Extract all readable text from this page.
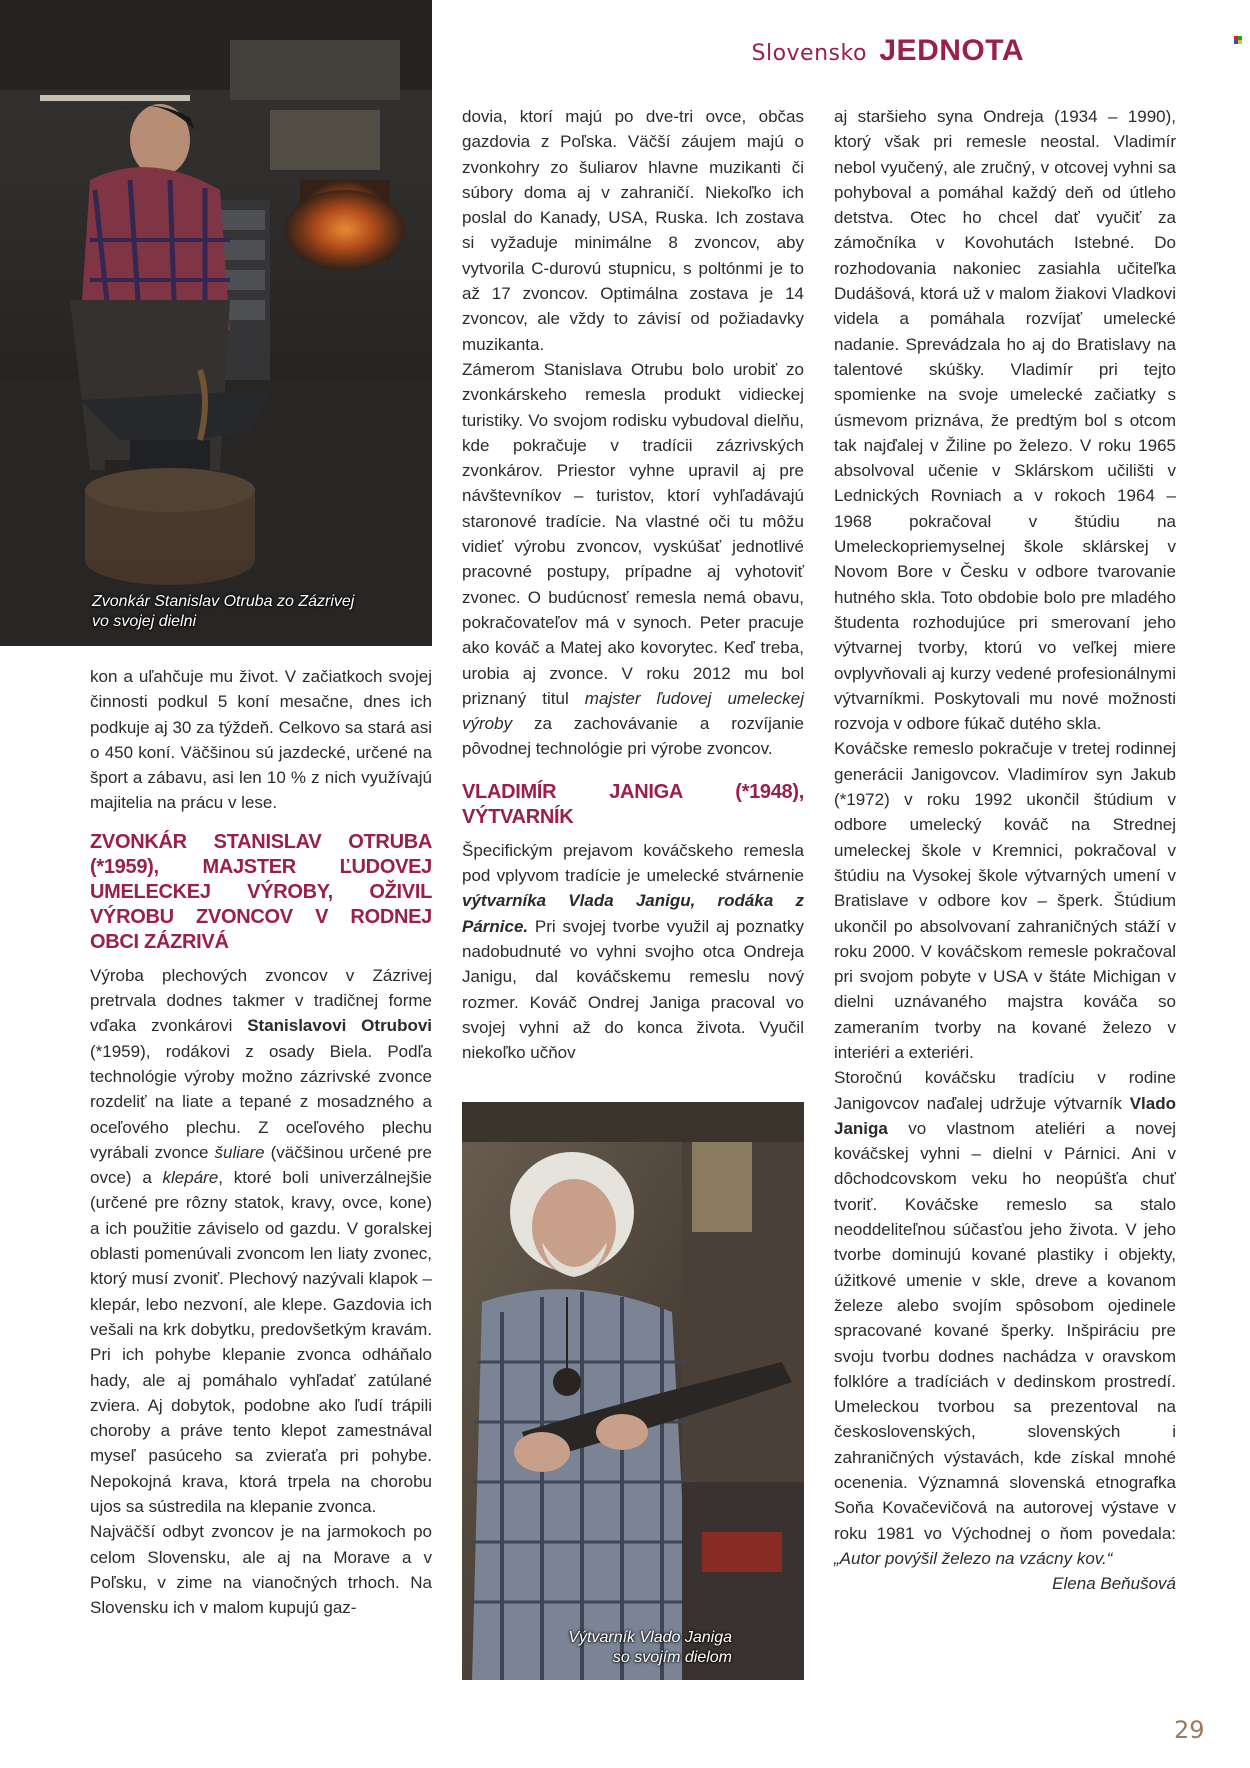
Slovensko JEDNOTA
Zvonkár Stanislav Otruba zo Zázrivej
vo svojej dielni
Výtvarník Vlado Janiga
so svojím dielom

kon a uľahčuje mu život. V začiatkoch svojej činnosti podkul 5 koní mesačne, dnes ich podkuje aj 30 za týždeň. Celkovo sa stará asi o 450 koní. Väčšinou sú jazdecké, určené na šport a zábavu, asi len 10 % z nich využívajú majitelia na prácu v lese.

ZVONKÁR STANISLAV OTRUBA (*1959), MAJSTER ĽUDOVEJ UMELECKEJ VÝROBY, OŽIVIL VÝROBU ZVONCOV V RODNEJ OBCI ZÁZRIVÁ

Výroba plechových zvoncov v Zázrivej pretrvala dodnes takmer v tradičnej forme vďaka zvonkárovi Stanislavovi Otrubovi (*1959), rodákovi z osady Biela. Podľa technológie výroby možno zázrivské zvonce rozdeliť na liate a tepané z mosadzného a oceľového plechu. Z oceľového plechu vyrábali zvonce šuliare (väčšinou určené pre ovce) a klepáre, ktoré boli univerzálnejšie (určené pre rôzny statok, kravy, ovce, kone) a ich použitie záviselo od gazdu. V goralskej oblasti pomenúvali zvoncom len liaty zvonec, ktorý musí zvoniť. Plechový nazývali klapok – klepár, lebo nezvoní, ale klepe. Gazdovia ich vešali na krk dobytku, predovšetkým kravám. Pri ich pohybe klepanie zvonca odháňalo hady, ale aj pomáhalo vyhľadať zatúlané zviera. Aj dobytok, podobne ako ľudí trápili choroby a práve tento klepot zamestnával myseľ pasúceho sa zvieraťa pri pohybe. Nepokojná krava, ktorá trpela na chorobu ujos sa sústredila na klepanie zvonca.

Najväčší odbyt zvoncov je na jarmokoch po celom Slovensku, ale aj na Morave a v Poľsku, v zime na vianočných trhoch. Na Slovensku ich v malom kupujú gaz-

dovia, ktorí majú po dve-tri ovce, občas gazdovia z Poľska. Väčší záujem majú o zvonkohry zo šuliarov hlavne muzikanti či súbory doma aj v zahraničí. Niekoľko ich poslal do Kanady, USA, Ruska. Ich zostava si vyžaduje minimálne 8 zvoncov, aby vytvorila C-durovú stupnicu, s poltónmi je to až 17 zvoncov. Optimálna zostava je 14 zvoncov, ale vždy to závisí od požiadavky muzikanta.

Zámerom Stanislava Otrubu bolo urobiť zo zvonkárskeho remesla produkt vidieckej turistiky. Vo svojom rodisku vybudoval dielňu, kde pokračuje v tradícii zázrivských zvonkárov. Priestor vyhne upravil aj pre návštevníkov – turistov, ktorí vyhľadávajú staronové tradície. Na vlastné oči tu môžu vidieť výrobu zvoncov, vyskúšať jednotlivé pracovné postupy, prípadne aj vyhotoviť zvonec. O budúcnosť remesla nemá obavu, pokračovateľov má v synoch. Peter pracuje ako kováč a Matej ako kovorytec. Keď treba, urobia aj zvonce. V roku 2012 mu bol priznaný titul majster ľudovej umeleckej výroby za zachovávanie a rozvíjanie pôvodnej technológie pri výrobe zvoncov.

VLADIMÍR JANIGA (*1948), VÝTVARNÍK

Špecifickým prejavom kováčskeho remesla pod vplyvom tradície je umelecké stvárnenie výtvarníka Vlada Janigu, rodáka z Párnice. Pri svojej tvorbe využil aj poznatky nadobudnuté vo vyhni svojho otca Ondreja Janigu, dal kováčskemu remeslu nový rozmer. Kováč Ondrej Janiga pracoval vo svojej vyhni až do konca života. Vyučil niekoľko učňov

aj staršieho syna Ondreja (1934 – 1990), ktorý však pri remesle neostal. Vladimír nebol vyučený, ale zručný, v otcovej vyhni sa pohyboval a pomáhal každý deň od útleho detstva. Otec ho chcel dať vyučiť za zámočníka v Kovohutách Istebné. Do rozhodovania nakoniec zasiahla učiteľka Dudášová, ktorá už v malom žiakovi Vladkovi videla a pomáhala rozvíjať umelecké nadanie. Sprevádzala ho aj do Bratislavy na talentové skúšky. Vladimír pri tejto spomienke na svoje umelecké začiatky s úsmevom priznáva, že predtým bol s otcom tak najďalej v Žiline po železo. V roku 1965 absolvoval učenie v Sklárskom učilišti v Lednických Rovniach a v rokoch 1964 – 1968 pokračoval v štúdiu na Umeleckopriemyselnej škole sklárskej v Novom Bore v Česku v odbore tvarovanie hutného skla. Toto obdobie bolo pre mladého študenta rozhodujúce pri smerovaní jeho výtvarnej tvorby, ktorú vo veľkej miere ovplyvňovali aj kurzy vedené profesionálnymi výtvarníkmi. Poskytovali mu nové možnosti rozvoja v odbore fúkač dutého skla.

Kováčske remeslo pokračuje v tretej rodinnej generácii Janigovcov. Vladimírov syn Jakub (*1972) v roku 1992 ukončil štúdium v odbore umelecký kováč na Strednej umeleckej škole v Kremnici, pokračoval v štúdiu na Vysokej škole výtvarných umení v Bratislave v odbore kov – šperk. Štúdium ukončil po absolvovaní zahraničných stáží v roku 2000. V kováčskom remesle pokračoval pri svojom pobyte v USA v štáte Michigan v dielni uznávaného majstra kováča so zameraním tvorby na kované železo v interiéri a exteriéri.

Storočnú kováčsku tradíciu v rodine Janigovcov naďalej udržuje výtvarník Vlado Janiga vo vlastnom ateliéri a novej kováčskej vyhni – dielni v Párnici. Ani v dôchodcovskom veku ho neopúšťa chuť tvoriť. Kováčske remeslo sa stalo neoddeliteľnou súčasťou jeho života. V jeho tvorbe dominujú kované plastiky i objekty, úžitkové umenie v skle, dreve a kovanom železe alebo svojím spôsobom ojedinele spracované kované šperky. Inšpiráciu pre svoju tvorbu dodnes nachádza v oravskom folklóre a tradíciách v dedinskom prostredí. Umeleckou tvorbou sa prezentoval na československých, slovenských i zahraničných výstavách, kde získal mnohé ocenenia. Významná slovenská etnografka Soňa Kovačevičová na autorovej výstave v roku 1981 vo Východnej o ňom povedala: „Autor povýšil železo na vzácny kov.“

Elena Beňušová

29
